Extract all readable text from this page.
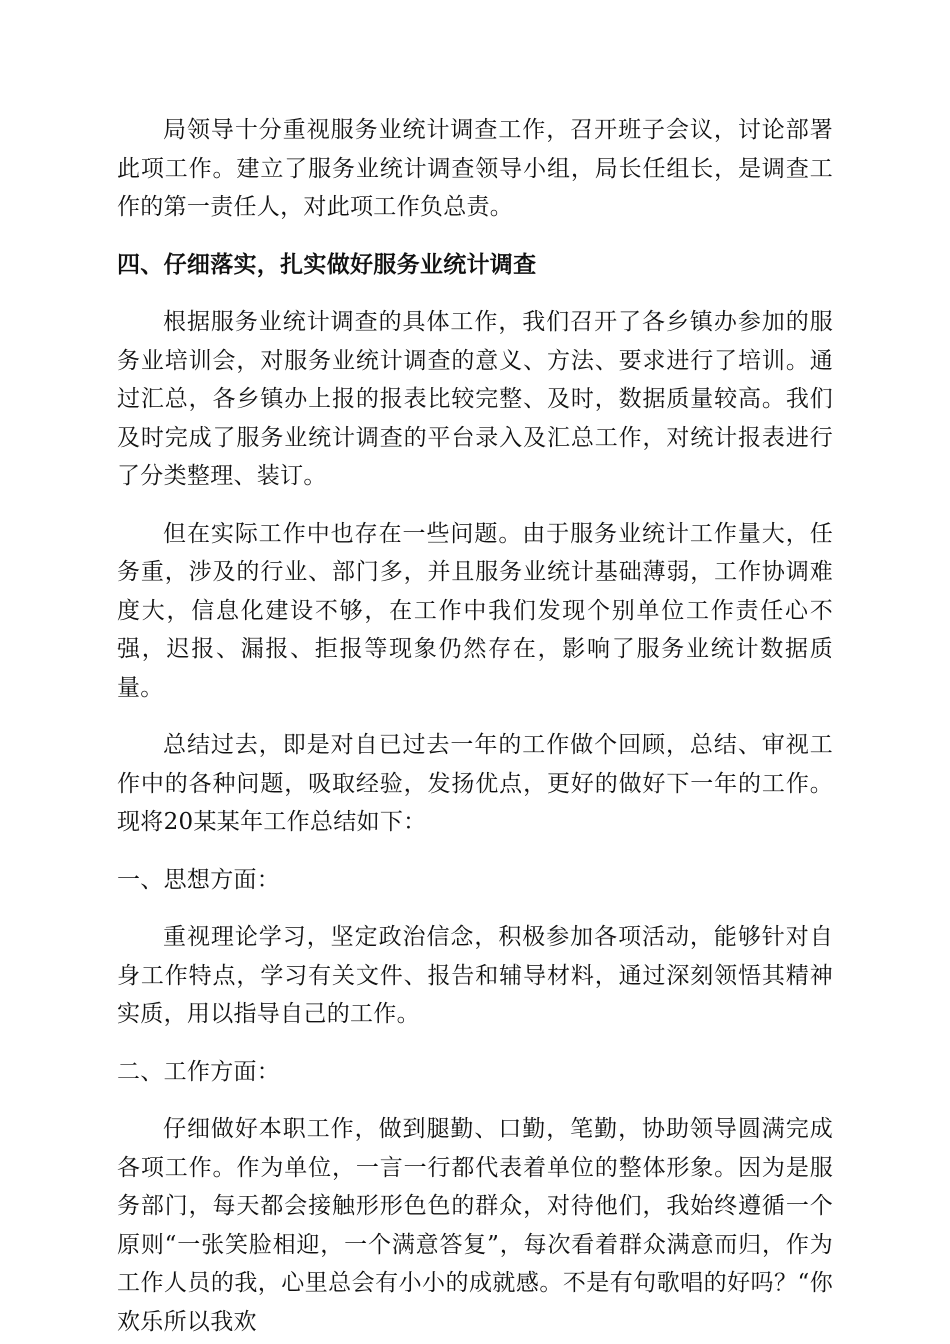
局领导十分重视服务业统计调查工作，召开班子会议，讨论部署此项工作。建立了服务业统计调查领导小组，局长任组长，是调查工作的第一责任人，对此项工作负总责。

四、仔细落实，扎实做好服务业统计调查

根据服务业统计调查的具体工作，我们召开了各乡镇办参加的服务业培训会，对服务业统计调查的意义、方法、要求进行了培训。通过汇总，各乡镇办上报的报表比较完整、及时，数据质量较高。我们及时完成了服务业统计调查的平台录入及汇总工作，对统计报表进行了分类整理、装订。

但在实际工作中也存在一些问题。由于服务业统计工作量大，任务重，涉及的行业、部门多，并且服务业统计基础薄弱，工作协调难度大，信息化建设不够，在工作中我们发现个别单位工作责任心不强，迟报、漏报、拒报等现象仍然存在，影响了服务业统计数据质量。

总结过去，即是对自已过去一年的工作做个回顾，总结、审视工作中的各种问题，吸取经验，发扬优点，更好的做好下一年的工作。现将20某某年工作总结如下：

一、思想方面：

重视理论学习，坚定政治信念，积极参加各项活动，能够针对自身工作特点，学习有关文件、报告和辅导材料，通过深刻领悟其精神实质，用以指导自己的工作。

二、工作方面：

仔细做好本职工作，做到腿勤、口勤，笔勤，协助领导圆满完成各项工作。作为单位，一言一行都代表着单位的整体形象。因为是服务部门，每天都会接触形形色色的群众，对待他们，我始终遵循一个原则“一张笑脸相迎，一个满意答复”，每次看着群众满意而归，作为工作人员的我，心里总会有小小的成就感。不是有句歌唱的好吗？“你欢乐所以我欢
